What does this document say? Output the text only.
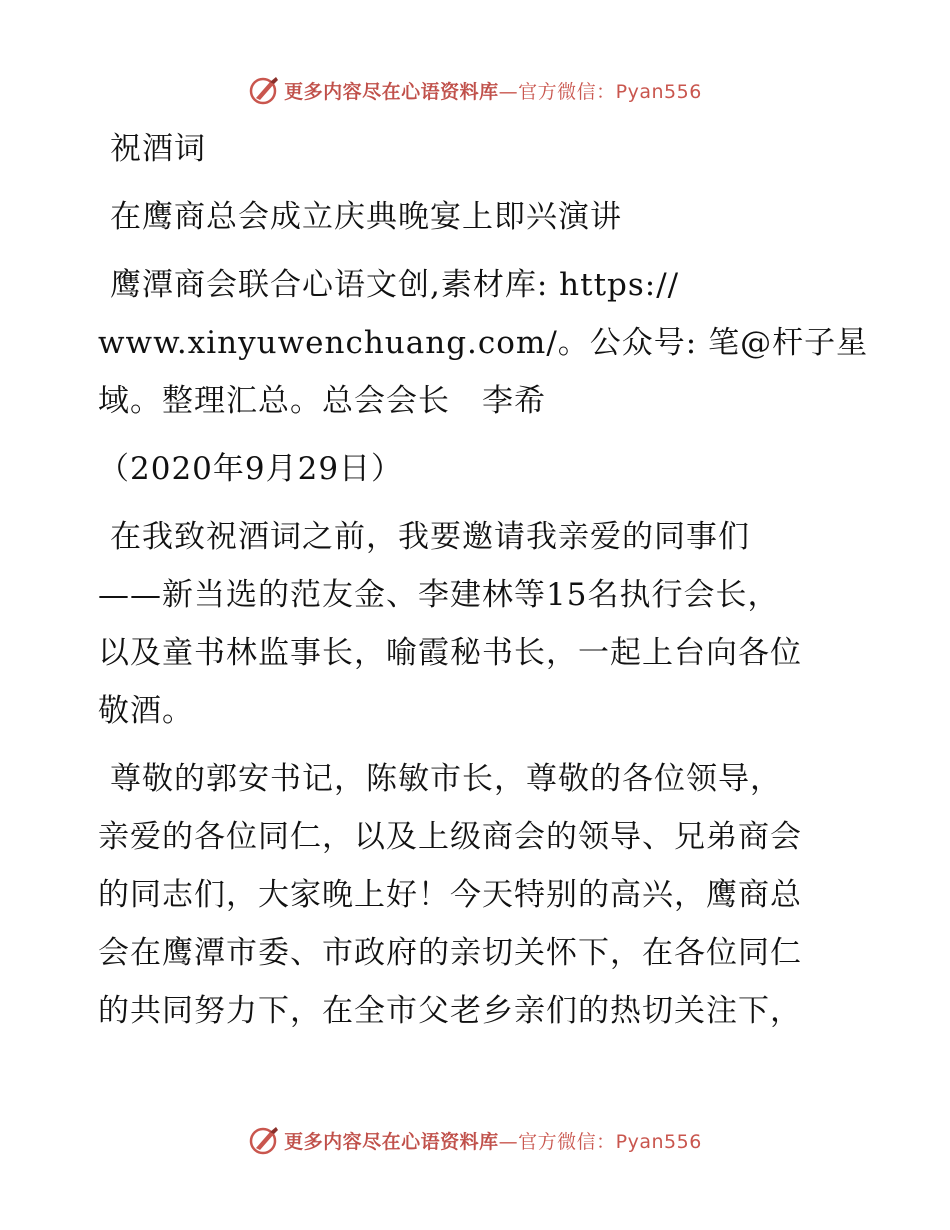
更多内容尽在心语资料库—官方微信：Pyan556
祝酒词
在鹰商总会成立庆典晚宴上即兴演讲
鹰潭商会联合心语文创,素材库: https://
www.xinyuwenchuang.com/。公众号: 笔@杆子星
域。整理汇总。总会会长　李希
（2020年9月29日）
在我致祝酒词之前，我要邀请我亲爱的同事们
——新当选的范友金、李建林等15名执行会长，
以及童书林监事长，喻霞秘书长，一起上台向各位
敬酒。
尊敬的郭安书记，陈敏市长，尊敬的各位领导，
亲爱的各位同仁，以及上级商会的领导、兄弟商会
的同志们，大家晚上好！今天特别的高兴，鹰商总
会在鹰潭市委、市政府的亲切关怀下，在各位同仁
的共同努力下，在全市父老乡亲们的热切关注下，
更多内容尽在心语资料库—官方微信：Pyan556
